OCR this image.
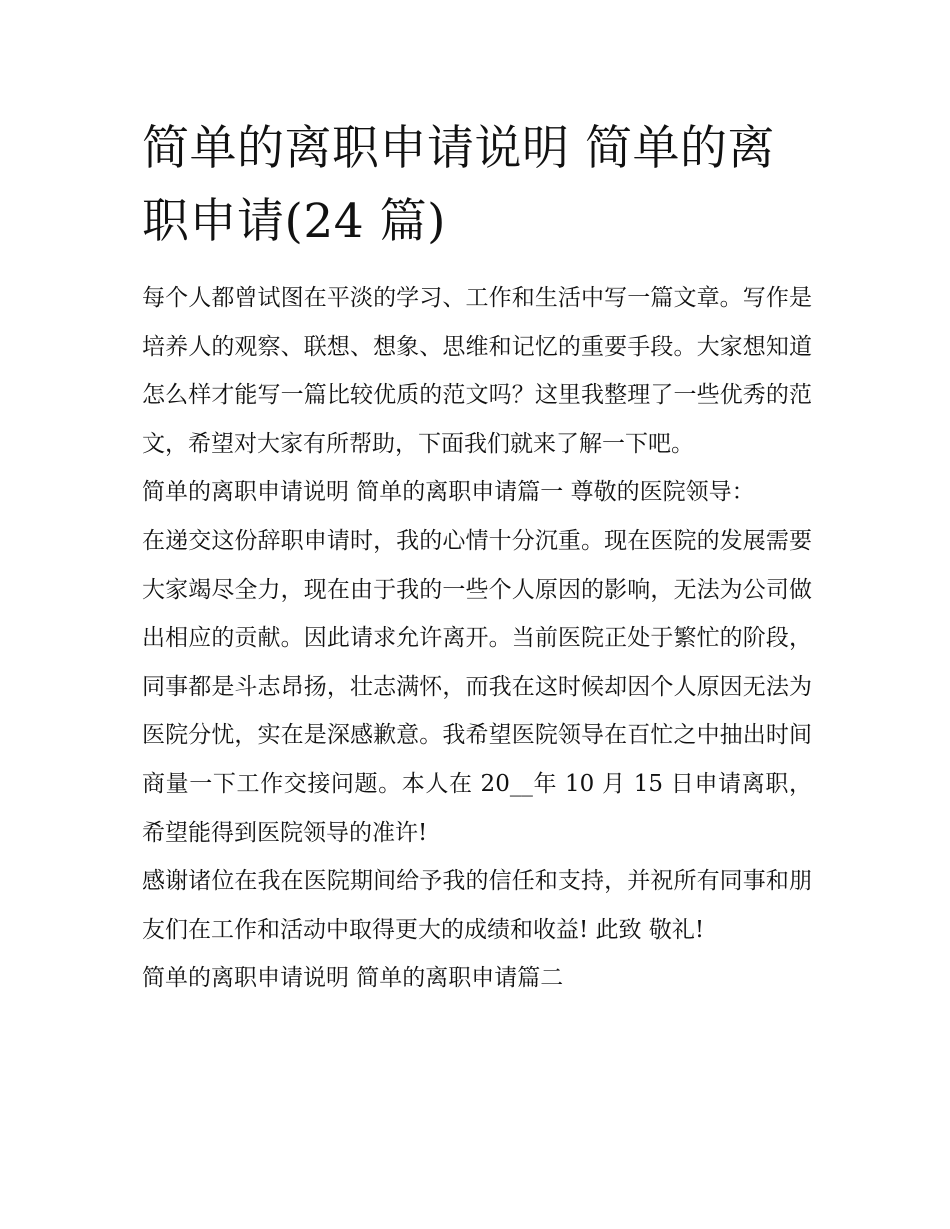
简单的离职申请说明 简单的离职申请(24 篇)

每个人都曾试图在平淡的学习、工作和生活中写一篇文章。写作是培养人的观察、联想、想象、思维和记忆的重要手段。大家想知道怎么样才能写一篇比较优质的范文吗？这里我整理了一些优秀的范文，希望对大家有所帮助，下面我们就来了解一下吧。

简单的离职申请说明 简单的离职申请篇一 尊敬的医院领导：

在递交这份辞职申请时，我的心情十分沉重。现在医院的发展需要大家竭尽全力，现在由于我的一些个人原因的影响，无法为公司做出相应的贡献。因此请求允许离开。当前医院正处于繁忙的阶段，同事都是斗志昂扬，壮志满怀，而我在这时候却因个人原因无法为医院分忧，实在是深感歉意。我希望医院领导在百忙之中抽出时间商量一下工作交接问题。本人在 20__年 10 月 15 日申请离职，希望能得到医院领导的准许!

感谢诸位在我在医院期间给予我的信任和支持，并祝所有同事和朋友们在工作和活动中取得更大的成绩和收益! 此致 敬礼!

简单的离职申请说明 简单的离职申请篇二
